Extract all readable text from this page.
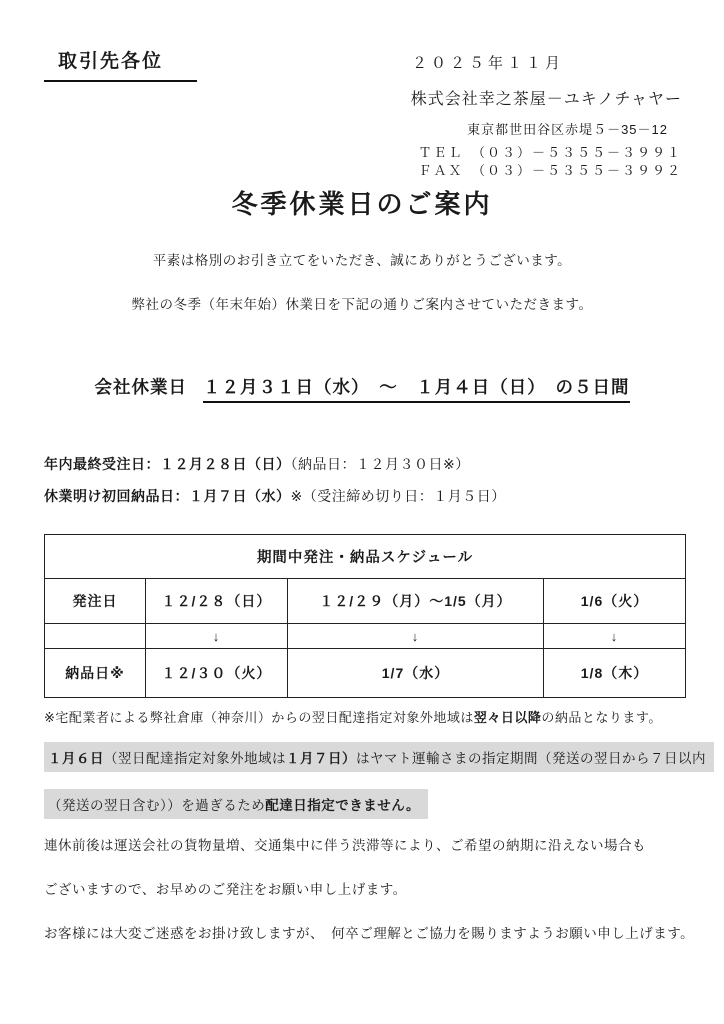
取引先各位	２０２５年１１月
株式会社幸之茶屋－ユキノチャヤー
東京都世田谷区赤堤５－35－12
ＴＥＬ　（０３）－５３５５－３９９１
ＦＡＸ　（０３）－５３５５－３９９２
冬季休業日のご案内
平素は格別のお引き立てをいただき、誠にありがとうございます。
弊社の冬季（年末年始）休業日を下記の通りご案内させていただきます。
会社休業日 １２月３１日（水）　～　１月４日（日）　の５日間
年内最終受注日：１２月２８日（日）（納品日：１２月３０日※）
休業明け初回納品日：１月７日（水）※（受注締め切り日：１月５日）
期間中発注・納品スケジュール			
発注日	１２/２８（日）	１２/２９（月）～1/5（月）	1/6（火）
	↓	↓	↓
納品日※	１２/３０（火）	1/7（水）	1/8（木）
※宅配業者による弊社倉庫（神奈川）からの翌日配達指定対象外地域は翌々日以降の納品となります。
１月６日（翌日配達指定対象外地域は１月７日）はヤマト運輸さまの指定期間（発送の翌日から７日以内
（発送の翌日含む））を過ぎるため配達日指定できません。
連休前後は運送会社の貨物量増、交通集中に伴う渋滞等により、ご希望の納期に沿えない場合も
ございますので、お早めのご発注をお願い申し上げます。
お客様には大変ご迷惑をお掛け致しますが、　何卒ご理解とご協力を賜りますようお願い申し上げます。
